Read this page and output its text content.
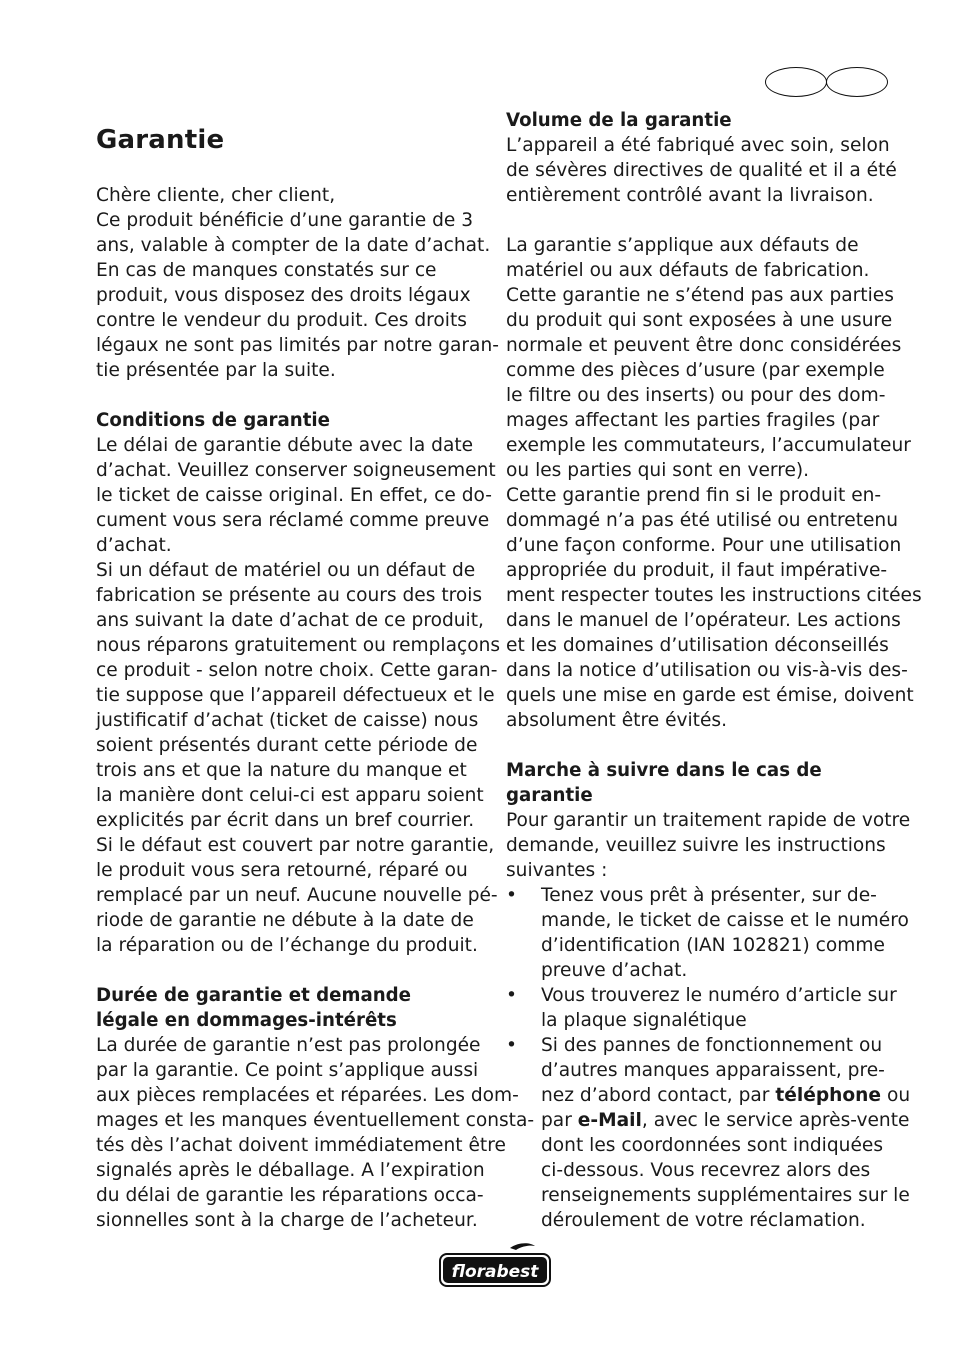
Garantie
Chère cliente, cher client,
Ce produit bénéficie d’une garantie de 3
ans, valable à compter de la date d’achat.
En cas de manques constatés sur ce
produit, vous disposez des droits légaux
contre le vendeur du produit. Ces droits
légaux ne sont pas limités par notre garan-
tie présentée par la suite.
Conditions de garantie
Le délai de garantie débute avec la date
d’achat. Veuillez conserver soigneusement
le ticket de caisse original. En effet, ce do-
cument vous sera réclamé comme preuve
d’achat.
Si un défaut de matériel ou un défaut de
fabrication se présente au cours des trois
ans suivant la date d’achat de ce produit,
nous réparons gratuitement ou remplaçons
ce produit - selon notre choix. Cette garan-
tie suppose que l’appareil défectueux et le
justificatif d’achat (ticket de caisse) nous
soient présentés durant cette période de
trois ans et que la nature du manque et
la manière dont celui-ci est apparu soient
explicités par écrit dans un bref courrier.
Si le défaut est couvert par notre garantie,
le produit vous sera retourné, réparé ou
remplacé par un neuf. Aucune nouvelle pé-
riode de garantie ne débute à la date de
la réparation ou de l’échange du produit.
Durée de garantie et demande
légale en dommages-intérêts
La durée de garantie n’est pas prolongée
par la garantie. Ce point s’applique aussi
aux pièces remplacées et réparées. Les dom-
mages et les manques éventuellement consta-
tés dès l’achat doivent immédiatement être
signalés après le déballage. A l’expiration
du délai de garantie les réparations occa-
sionnelles sont à la charge de l’acheteur.
Volume de la garantie
L’appareil a été fabriqué avec soin, selon
de sévères directives de qualité et il a été
entièrement contrôlé avant la livraison.
La garantie s’applique aux défauts de
matériel ou aux défauts de fabrication.
Cette garantie ne s’étend pas aux parties
du produit qui sont exposées à une usure
normale et peuvent être donc considérées
comme des pièces d’usure (par exemple
le filtre ou des inserts) ou pour des dom-
mages affectant les parties fragiles (par
exemple les commutateurs, l’accumulateur
ou les parties qui sont en verre).
Cette garantie prend fin si le produit en-
dommagé n’a pas été utilisé ou entretenu
d’une façon conforme. Pour une utilisation
appropriée du produit, il faut impérative-
ment respecter toutes les instructions citées
dans le manuel de l’opérateur. Les actions
et les domaines d’utilisation déconseillés
dans la notice d’utilisation ou vis-à-vis des-
quels une mise en garde est émise, doivent
absolument être évités.
Marche à suivre dans le cas de
garantie
Pour garantir un traitement rapide de votre
demande, veuillez suivre les instructions
suivantes :
• Tenez vous prêt à présenter, sur de-
mande, le ticket de caisse et le numéro
d’identification (IAN 102821) comme
preuve d’achat.
• Vous trouverez le numéro d’article sur
la plaque signalétique
• Si des pannes de fonctionnement ou
d’autres manques apparaissent, pre-
nez d’abord contact, par téléphone ou
par e-Mail, avec le service après-vente
dont les coordonnées sont indiquées
ci-dessous. Vous recevrez alors des
renseignements supplémentaires sur le
déroulement de votre réclamation.
florabest
